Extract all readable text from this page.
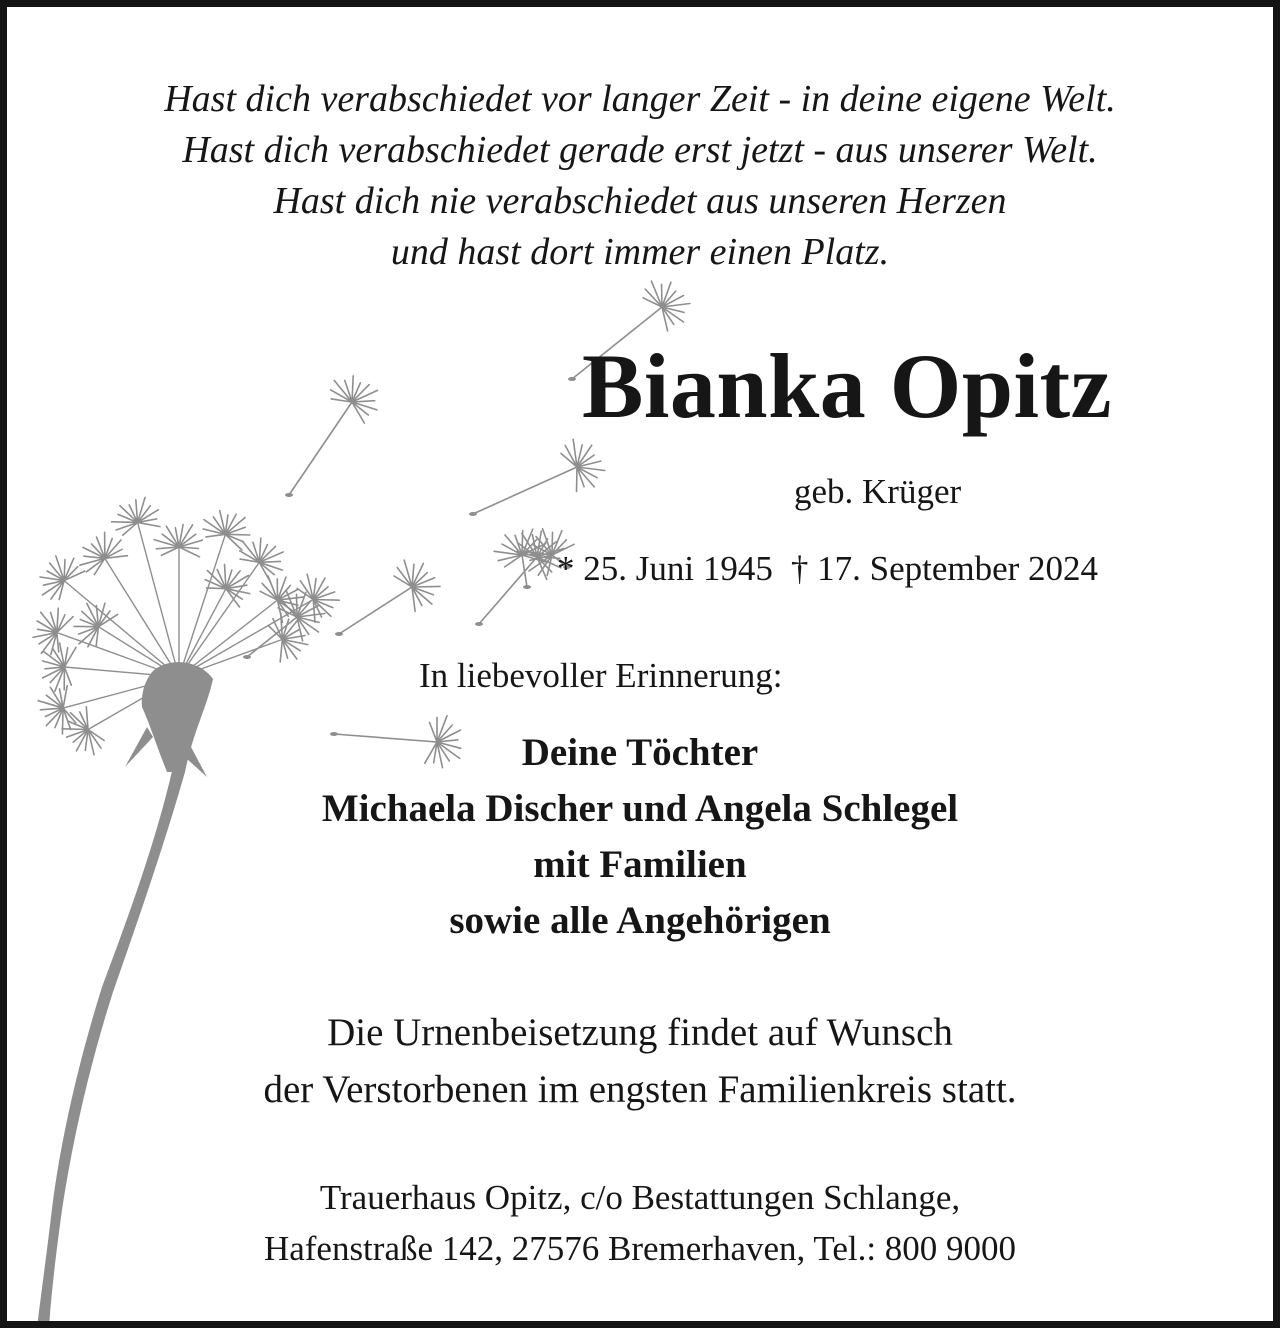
Hast dich verabschiedet vor langer Zeit - in deine eigene Welt.
Hast dich verabschiedet gerade erst jetzt - aus unserer Welt.
Hast dich nie verabschiedet aus unseren Herzen
und hast dort immer einen Platz.
Bianka Opitz
geb. Krüger
* 25. Juni 1945 † 17. September 2024
In liebevoller Erinnerung:
Deine Töchter
Michaela Discher und Angela Schlegel
mit Familien
sowie alle Angehörigen
Die Urnenbeisetzung findet auf Wunsch
der Verstorbenen im engsten Familienkreis statt.
Trauerhaus Opitz, c/o Bestattungen Schlange,
Hafenstraße 142, 27576 Bremerhaven, Tel.: 800 9000
